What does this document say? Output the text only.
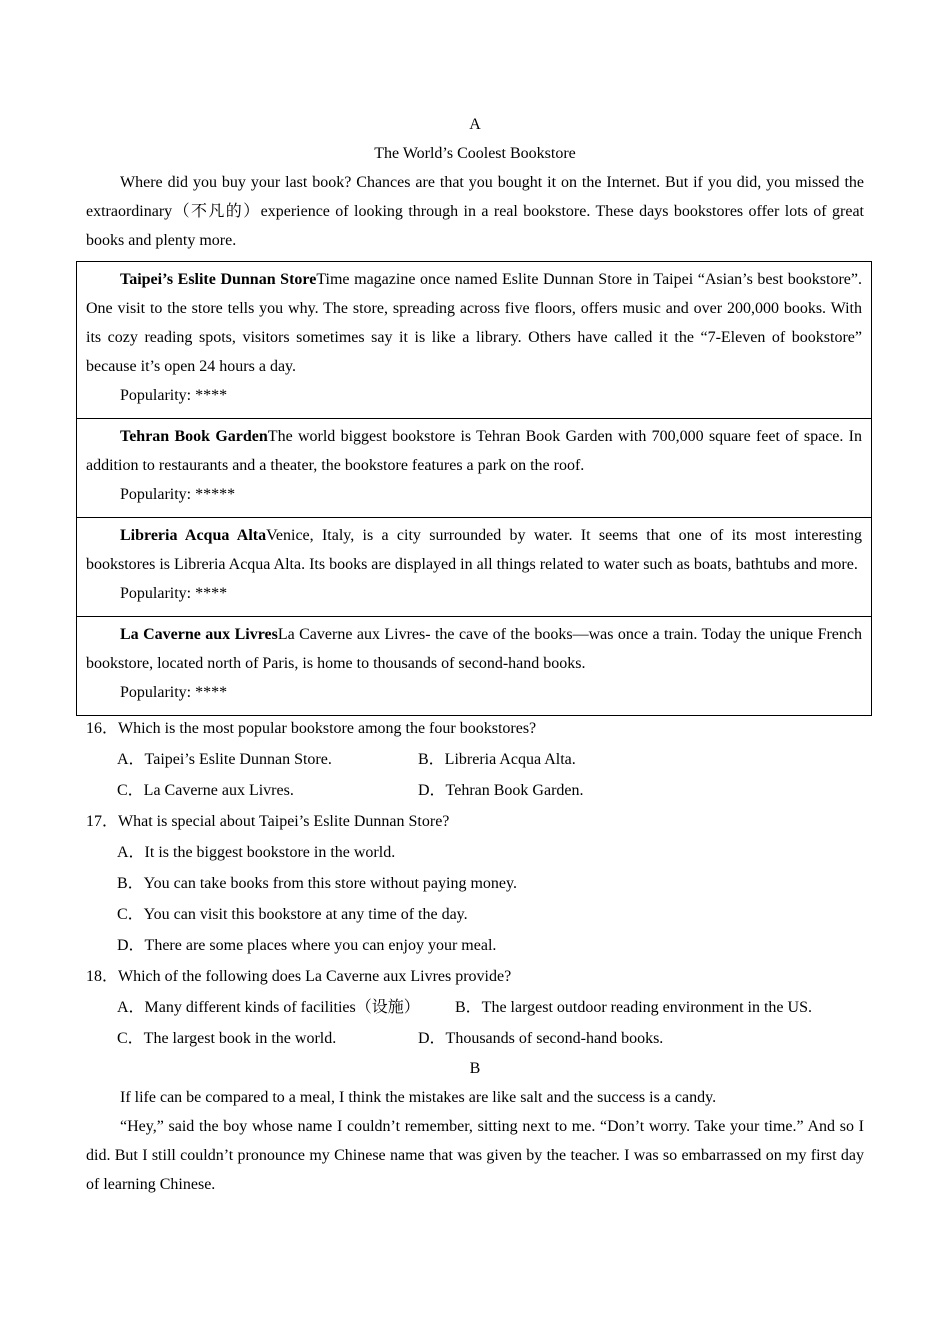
A
The World’s Coolest Bookstore

Where did you buy your last book? Chances are that you bought it on the Internet. But if you did, you missed the extraordinary（不凡的）experience of looking through in a real bookstore. These days bookstores offer lots of great books and plenty more.

Taipei’s Eslite Dunnan StoreTime magazine once named Eslite Dunnan Store in Taipei “Asian’s best bookstore”. One visit to the store tells you why. The store, spreading across five floors, offers music and over 200,000 books. With its cozy reading spots, visitors sometimes say it is like a library. Others have called it the “7-Eleven of bookstore” because it’s open 24 hours a day.

Popularity: ****

Tehran Book GardenThe world biggest bookstore is Tehran Book Garden with 700,000 square feet of space. In addition to restaurants and a theater, the bookstore features a park on the roof.

Popularity: *****

Libreria Acqua AltaVenice, Italy, is a city surrounded by water. It seems that one of its most interesting bookstores is Libreria Acqua Alta. Its books are displayed in all things related to water such as boats, bathtubs and more.

Popularity: ****

La Caverne aux LivresLa Caverne aux Livres- the cave of the books—was once a train. Today the unique French bookstore, located north of Paris, is home to thousands of second-hand books.

Popularity: ****

16．Which is the most popular bookstore among the four bookstores?

A．Taipei’s Eslite Dunnan Store.	B．Libreria Acqua Alta.
C．La Caverne aux Livres.	D．Tehran Book Garden.

17．What is special about Taipei’s Eslite Dunnan Store?

A．It is the biggest bookstore in the world.

B．You can take books from this store without paying money.

C．You can visit this bookstore at any time of the day.

D．There are some places where you can enjoy your meal.

18．Which of the following does La Caverne aux Livres provide?

A．Many different kinds of facilities（设施）	B．The largest outdoor reading environment in the US.
C．The largest book in the world.	D．Thousands of second-hand books.
B

If life can be compared to a meal, I think the mistakes are like salt and the success is a candy.

“Hey,” said the boy whose name I couldn’t remember, sitting next to me. “Don’t worry. Take your time.” And so I did. But I still couldn’t pronounce my Chinese name that was given by the teacher. I was so embarrassed on my first day of learning Chinese.
